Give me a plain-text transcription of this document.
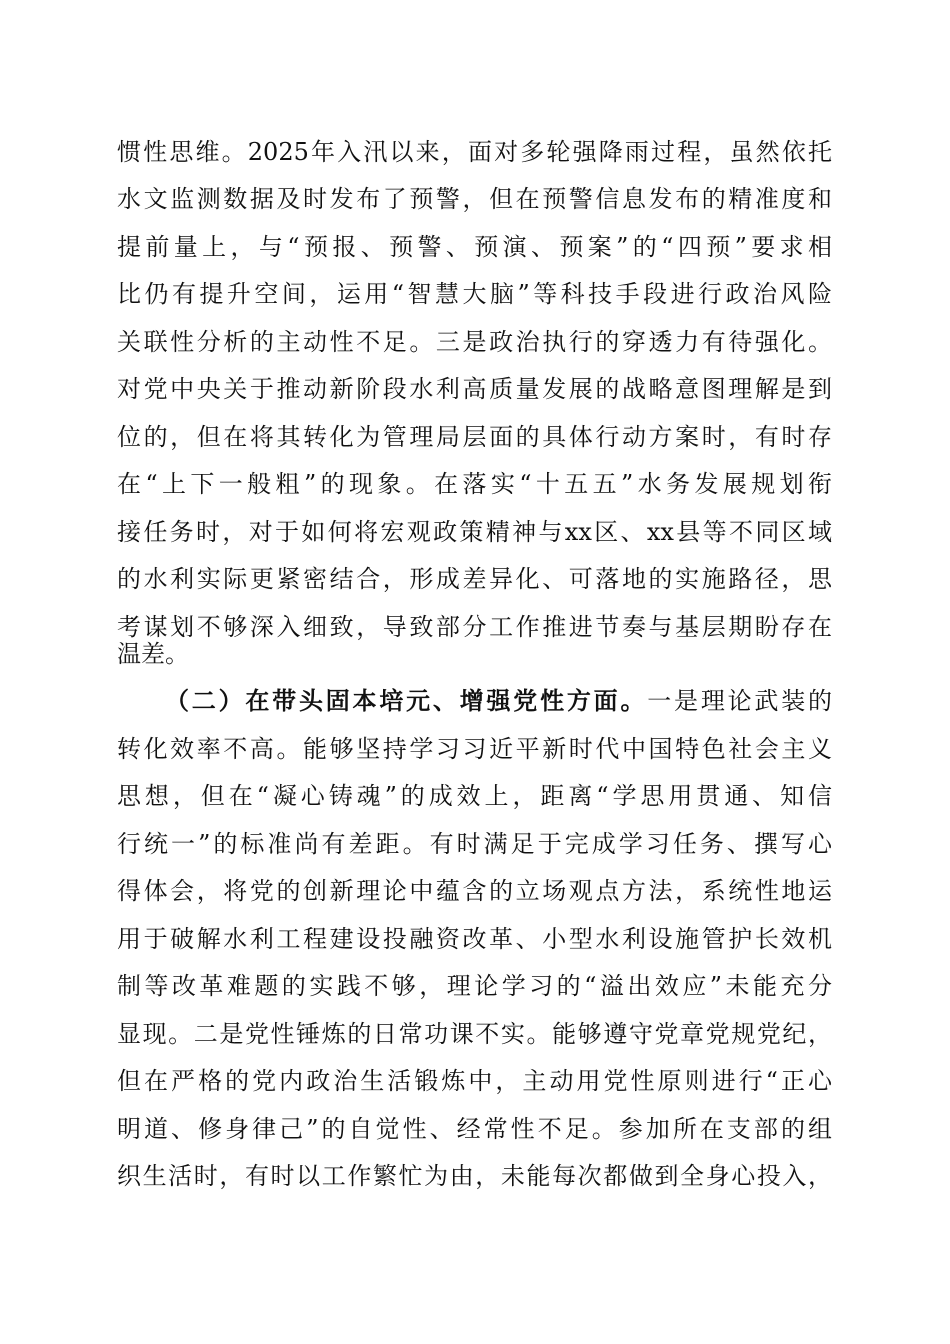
惯性思维。2025年入汛以来，面对多轮强降雨过程，虽然依托

水文监测数据及时发布了预警，但在预警信息发布的精准度和

提前量上，与“预报、预警、预演、预案”的“四预”要求相

比仍有提升空间，运用“智慧大脑”等科技手段进行政治风险

关联性分析的主动性不足。三是政治执行的穿透力有待强化。

对党中央关于推动新阶段水利高质量发展的战略意图理解是到

位的，但在将其转化为管理局层面的具体行动方案时，有时存

在“上下一般粗”的现象。在落实“十五五”水务发展规划衔

接任务时，对于如何将宏观政策精神与xx区、xx县等不同区域

的水利实际更紧密结合，形成差异化、可落地的实施路径，思

考谋划不够深入细致，导致部分工作推进节奏与基层期盼存在

温差。

（二）在带头固本培元、增强党性方面。一是理论武装的

转化效率不高。能够坚持学习习近平新时代中国特色社会主义

思想，但在“凝心铸魂”的成效上，距离“学思用贯通、知信

行统一”的标准尚有差距。有时满足于完成学习任务、撰写心

得体会，将党的创新理论中蕴含的立场观点方法，系统性地运

用于破解水利工程建设投融资改革、小型水利设施管护长效机

制等改革难题的实践不够，理论学习的“溢出效应”未能充分

显现。二是党性锤炼的日常功课不实。能够遵守党章党规党纪，

但在严格的党内政治生活锻炼中，主动用党性原则进行“正心

明道、修身律己”的自觉性、经常性不足。参加所在支部的组

织生活时，有时以工作繁忙为由，未能每次都做到全身心投入，
